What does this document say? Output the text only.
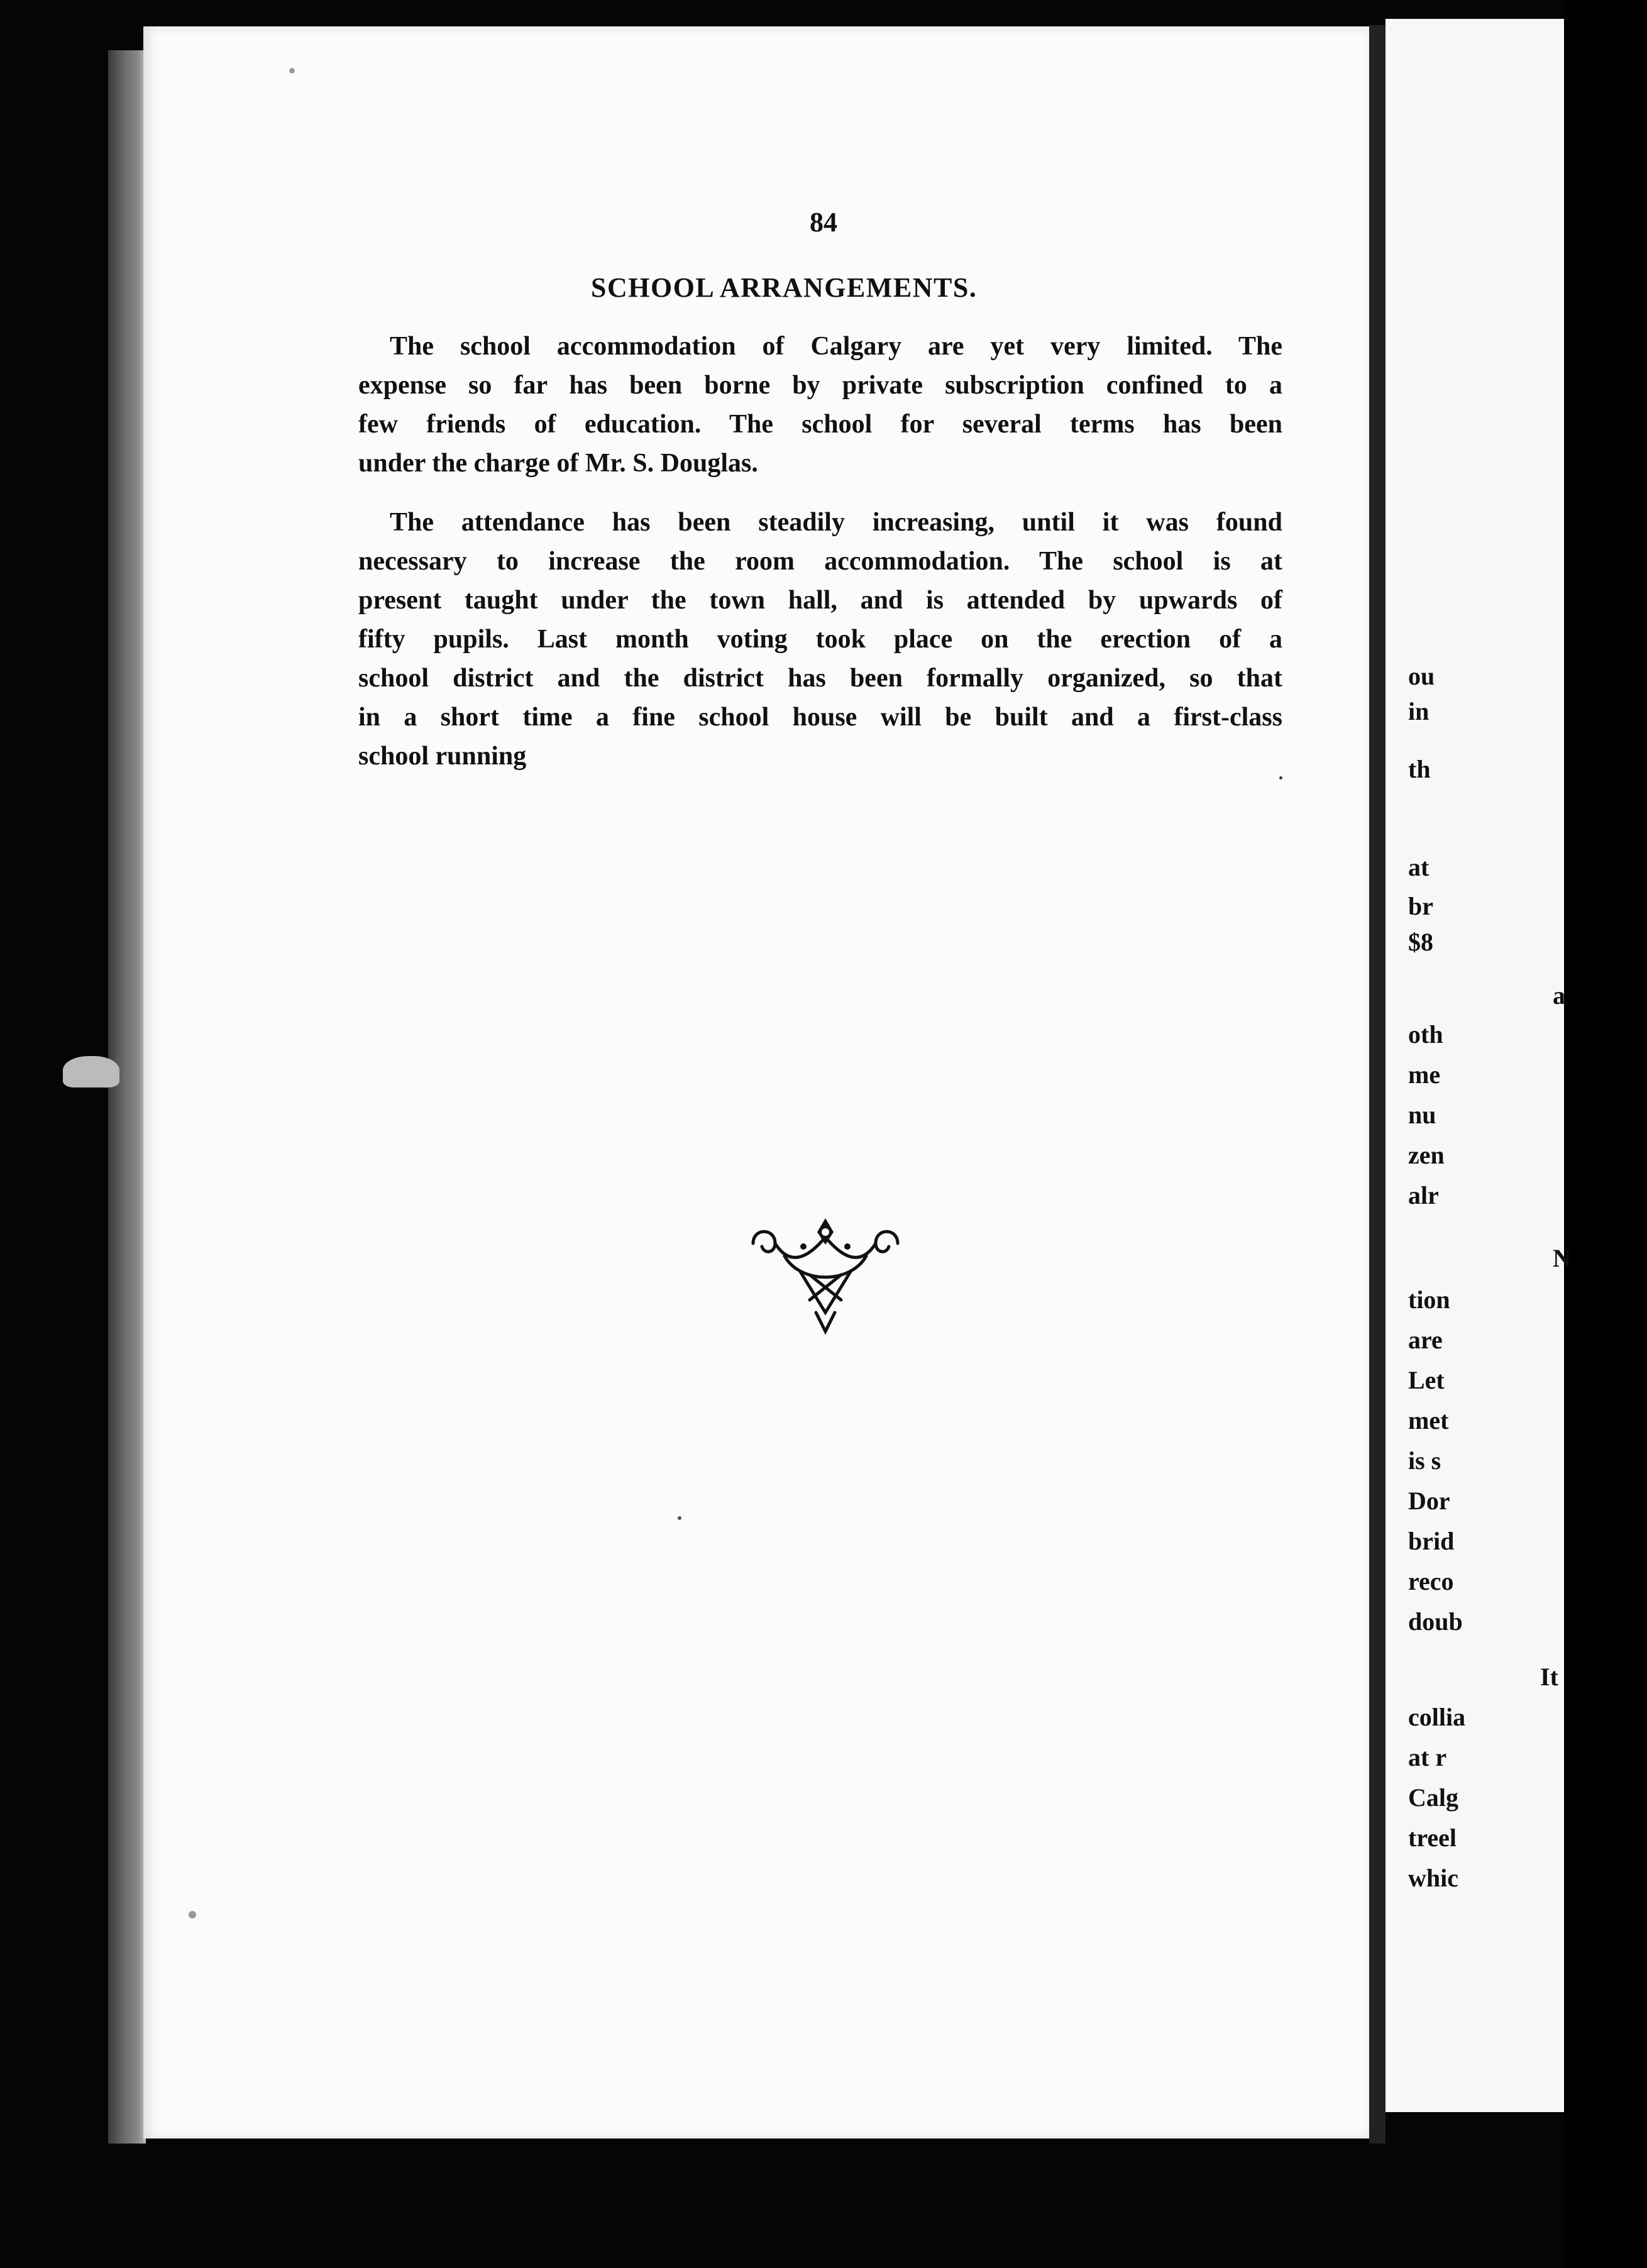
84
SCHOOL ARRANGEMENTS.
The school accommodation of Calgary are yet very limited. The
expense so far has been borne by private subscription confined to a
few friends of education. The school for several terms has been
under the charge of Mr. S. Douglas.
The attendance has been steadily increasing, until it was found
necessary to increase the room accommodation. The school is at
present taught under the town hall, and is attended by upwards of
fifty pupils. Last month voting took place on the erection of a
school district and the district has been formally organized, so that
in a short time a fine school house will be built and a first-class
school running
ou
in
th
at
br
$8
a
oth
me
nu
zen
alr
N
tion
are
Let
met
is s
Dor
brid
reco
doub
It
collia
at r
Calg
treel
whic
